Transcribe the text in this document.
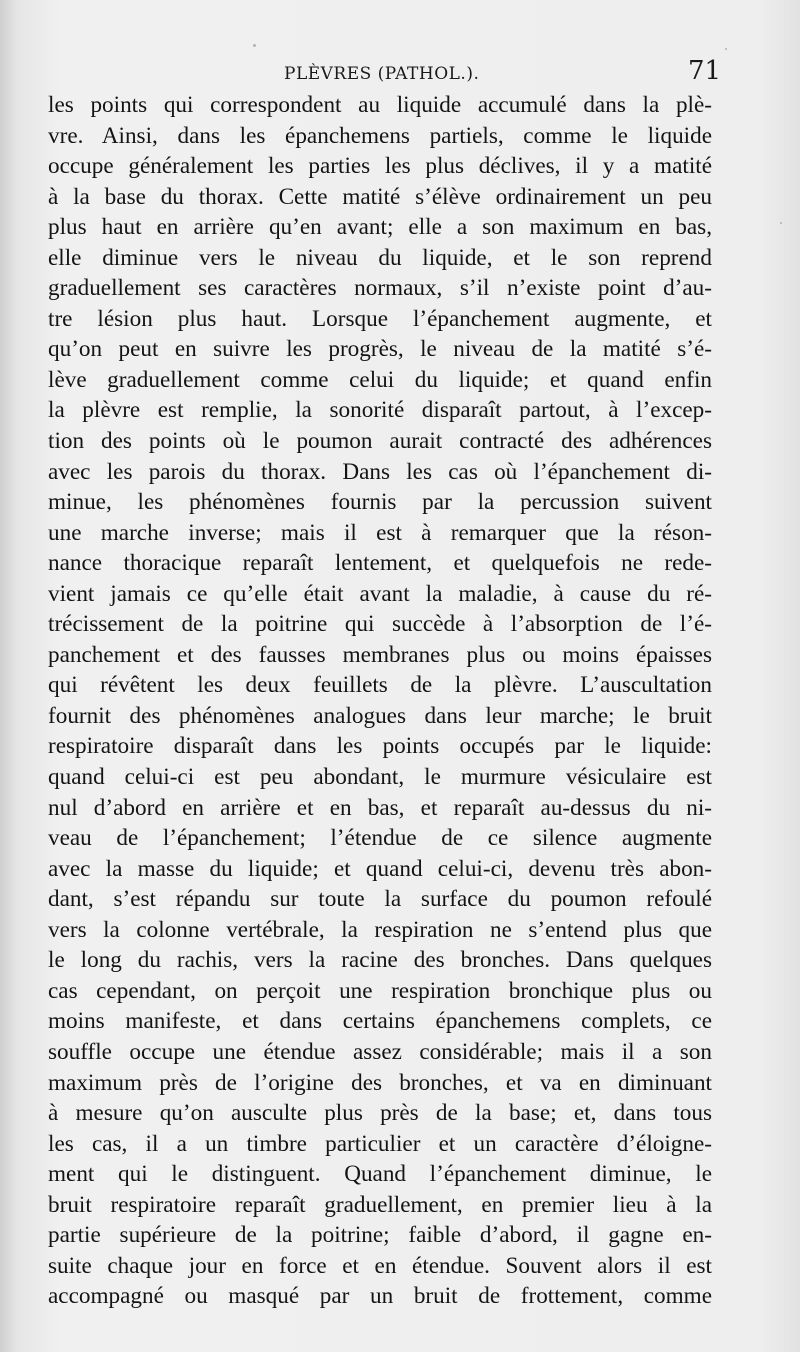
PLÈVRES (PATHOL.).	71
les points qui correspondent au liquide accumulé dans la plè-
vre. Ainsi, dans les épanchemens partiels, comme le liquide
occupe généralement les parties les plus déclives, il y a matité
à la base du thorax. Cette matité s’élève ordinairement un peu
plus haut en arrière qu’en avant; elle a son maximum en bas,
elle diminue vers le niveau du liquide, et le son reprend
graduellement ses caractères normaux, s’il n’existe point d’au-
tre lésion plus haut. Lorsque l’épanchement augmente, et
qu’on peut en suivre les progrès, le niveau de la matité s’é-
lève graduellement comme celui du liquide; et quand enfin
la plèvre est remplie, la sonorité disparaît partout, à l’excep-
tion des points où le poumon aurait contracté des adhérences
avec les parois du thorax. Dans les cas où l’épanchement di-
minue, les phénomènes fournis par la percussion suivent
une marche inverse; mais il est à remarquer que la réson-
nance thoracique reparaît lentement, et quelquefois ne rede-
vient jamais ce qu’elle était avant la maladie, à cause du ré-
trécissement de la poitrine qui succède à l’absorption de l’é-
panchement et des fausses membranes plus ou moins épaisses
qui révêtent les deux feuillets de la plèvre. L’auscultation
fournit des phénomènes analogues dans leur marche; le bruit
respiratoire disparaît dans les points occupés par le liquide:
quand celui-ci est peu abondant, le murmure vésiculaire est
nul d’abord en arrière et en bas, et reparaît au-dessus du ni-
veau de l’épanchement; l’étendue de ce silence augmente
avec la masse du liquide; et quand celui-ci, devenu très abon-
dant, s’est répandu sur toute la surface du poumon refoulé
vers la colonne vertébrale, la respiration ne s’entend plus que
le long du rachis, vers la racine des bronches. Dans quelques
cas cependant, on perçoit une respiration bronchique plus ou
moins manifeste, et dans certains épanchemens complets, ce
souffle occupe une étendue assez considérable; mais il a son
maximum près de l’origine des bronches, et va en diminuant
à mesure qu’on ausculte plus près de la base; et, dans tous
les cas, il a un timbre particulier et un caractère d’éloigne-
ment qui le distinguent. Quand l’épanchement diminue, le
bruit respiratoire reparaît graduellement, en premier lieu à la
partie supérieure de la poitrine; faible d’abord, il gagne en-
suite chaque jour en force et en étendue. Souvent alors il est
accompagné ou masqué par un bruit de frottement, comme
